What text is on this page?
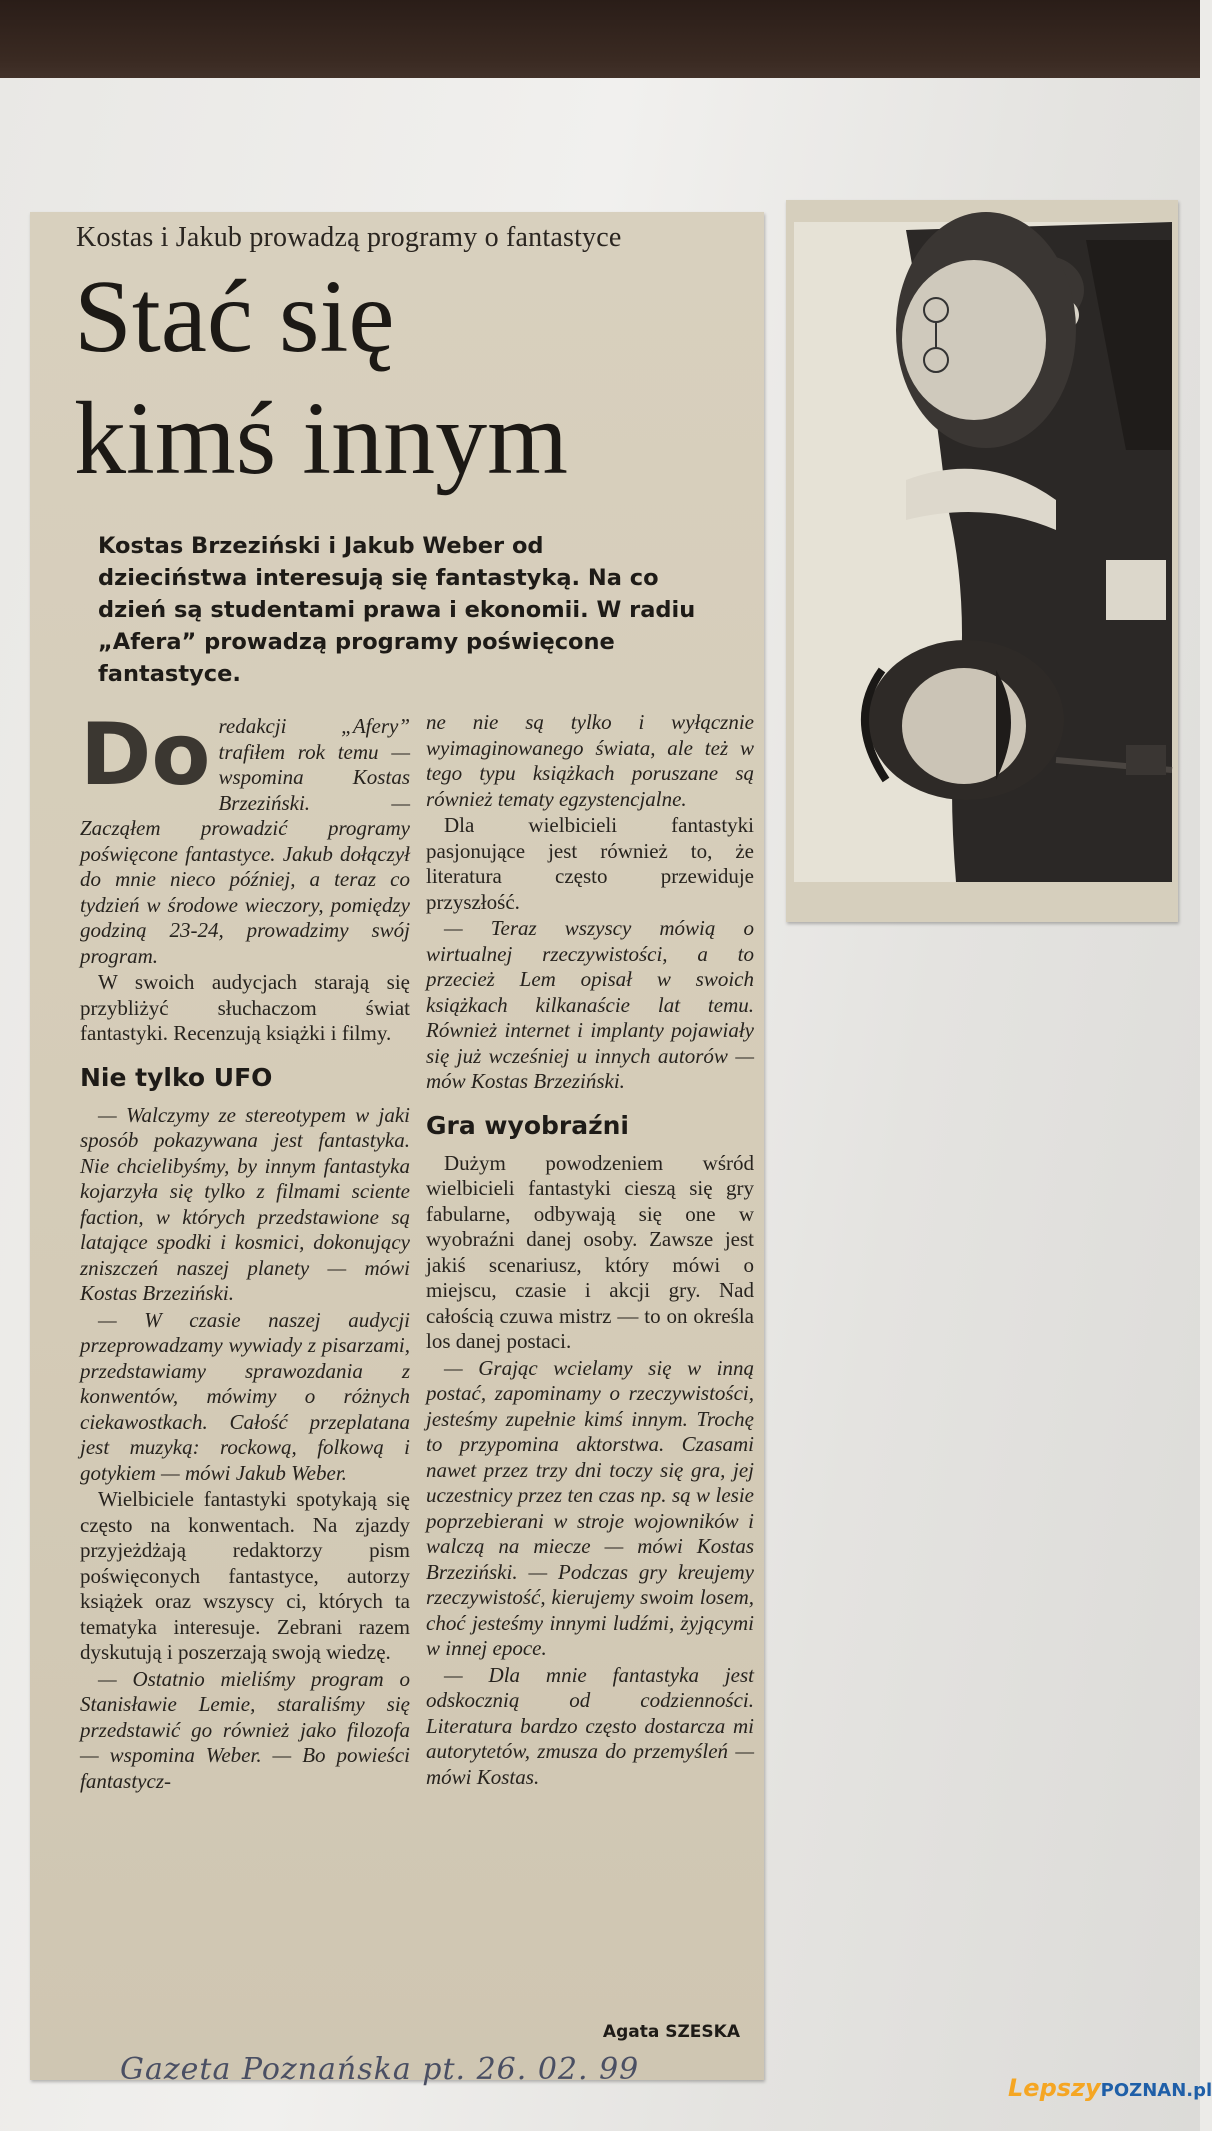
Kostas i Jakub prowadzą programy o fantastyce
Stać się
kimś innym
Kostas Brzeziński i Jakub Weber od dzieciństwa interesują się fantastyką. Na co dzień są studentami prawa i ekonomii. W radiu „Afera” prowadzą programy poświęcone fantastyce.
Do redakcji „Afery” trafiłem rok temu — wspomina Kostas Brzeziński. — Zacząłem prowadzić programy poświęcone fantastyce. Jakub dołączył do mnie nieco później, a teraz co tydzień w środowe wieczory, pomiędzy godziną 23-24, prowadzimy swój program.

W swoich audycjach starają się przybliżyć słuchaczom świat fantastyki. Recenzują książki i filmy.

Nie tylko UFO

— Walczymy ze stereotypem w jaki sposób pokazywana jest fantastyka. Nie chcielibyśmy, by innym fantastyka kojarzyła się tylko z filmami sciente faction, w których przedstawione są latające spodki i kosmici, dokonujący zniszczeń naszej planety — mówi Kostas Brzeziński.

— W czasie naszej audycji przeprowadzamy wywiady z pisarzami, przedstawiamy sprawozdania z konwentów, mówimy o różnych ciekawostkach. Całość przeplatana jest muzyką: rockową, folkową i gotykiem — mówi Jakub Weber.

Wielbiciele fantastyki spotykają się często na konwentach. Na zjazdy przyjeżdżają redaktorzy pism poświęconych fantastyce, autorzy książek oraz wszyscy ci, których ta tematyka interesuje. Zebrani razem dyskutują i poszerzają swoją wiedzę.

— Ostatnio mieliśmy program o Stanisławie Lemie, staraliśmy się przedstawić go również jako filozofa — wspomina Weber. — Bo powieści fantastycz-

ne nie są tylko i wyłącznie wyimaginowanego świata, ale też w tego typu książkach poruszane są również tematy egzystencjalne.

Dla wielbicieli fantastyki pasjonujące jest również to, że literatura często przewiduje przyszłość.

— Teraz wszyscy mówią o wirtualnej rzeczywistości, a to przecież Lem opisał w swoich książkach kilkanaście lat temu. Również internet i implanty pojawiały się już wcześniej u innych autorów — mów Kostas Brzeziński.

Gra wyobraźni

Dużym powodzeniem wśród wielbicieli fantastyki cieszą się gry fabularne, odbywają się one w wyobraźni danej osoby. Zawsze jest jakiś scenariusz, który mówi o miejscu, czasie i akcji gry. Nad całością czuwa mistrz — to on określa los danej postaci.

— Grając wcielamy się w inną postać, zapominamy o rzeczywistości, jesteśmy zupełnie kimś innym. Trochę to przypomina aktorstwa. Czasami nawet przez trzy dni toczy się gra, jej uczestnicy przez ten czas np. są w lesie poprzebierani w stroje wojowników i walczą na miecze — mówi Kostas Brzeziński. — Podczas gry kreujemy rzeczywistość, kierujemy swoim losem, choć jesteśmy innymi ludźmi, żyjącymi w innej epoce.

— Dla mnie fantastyka jest odskocznią od codzienności. Literatura bardzo często dostarcza mi autorytetów, zmusza do przemyśleń — mówi Kostas.

Agata SZESKA
Gazeta Poznańska pt. 26. 02. 99
LepszyPOZNAN.pl
